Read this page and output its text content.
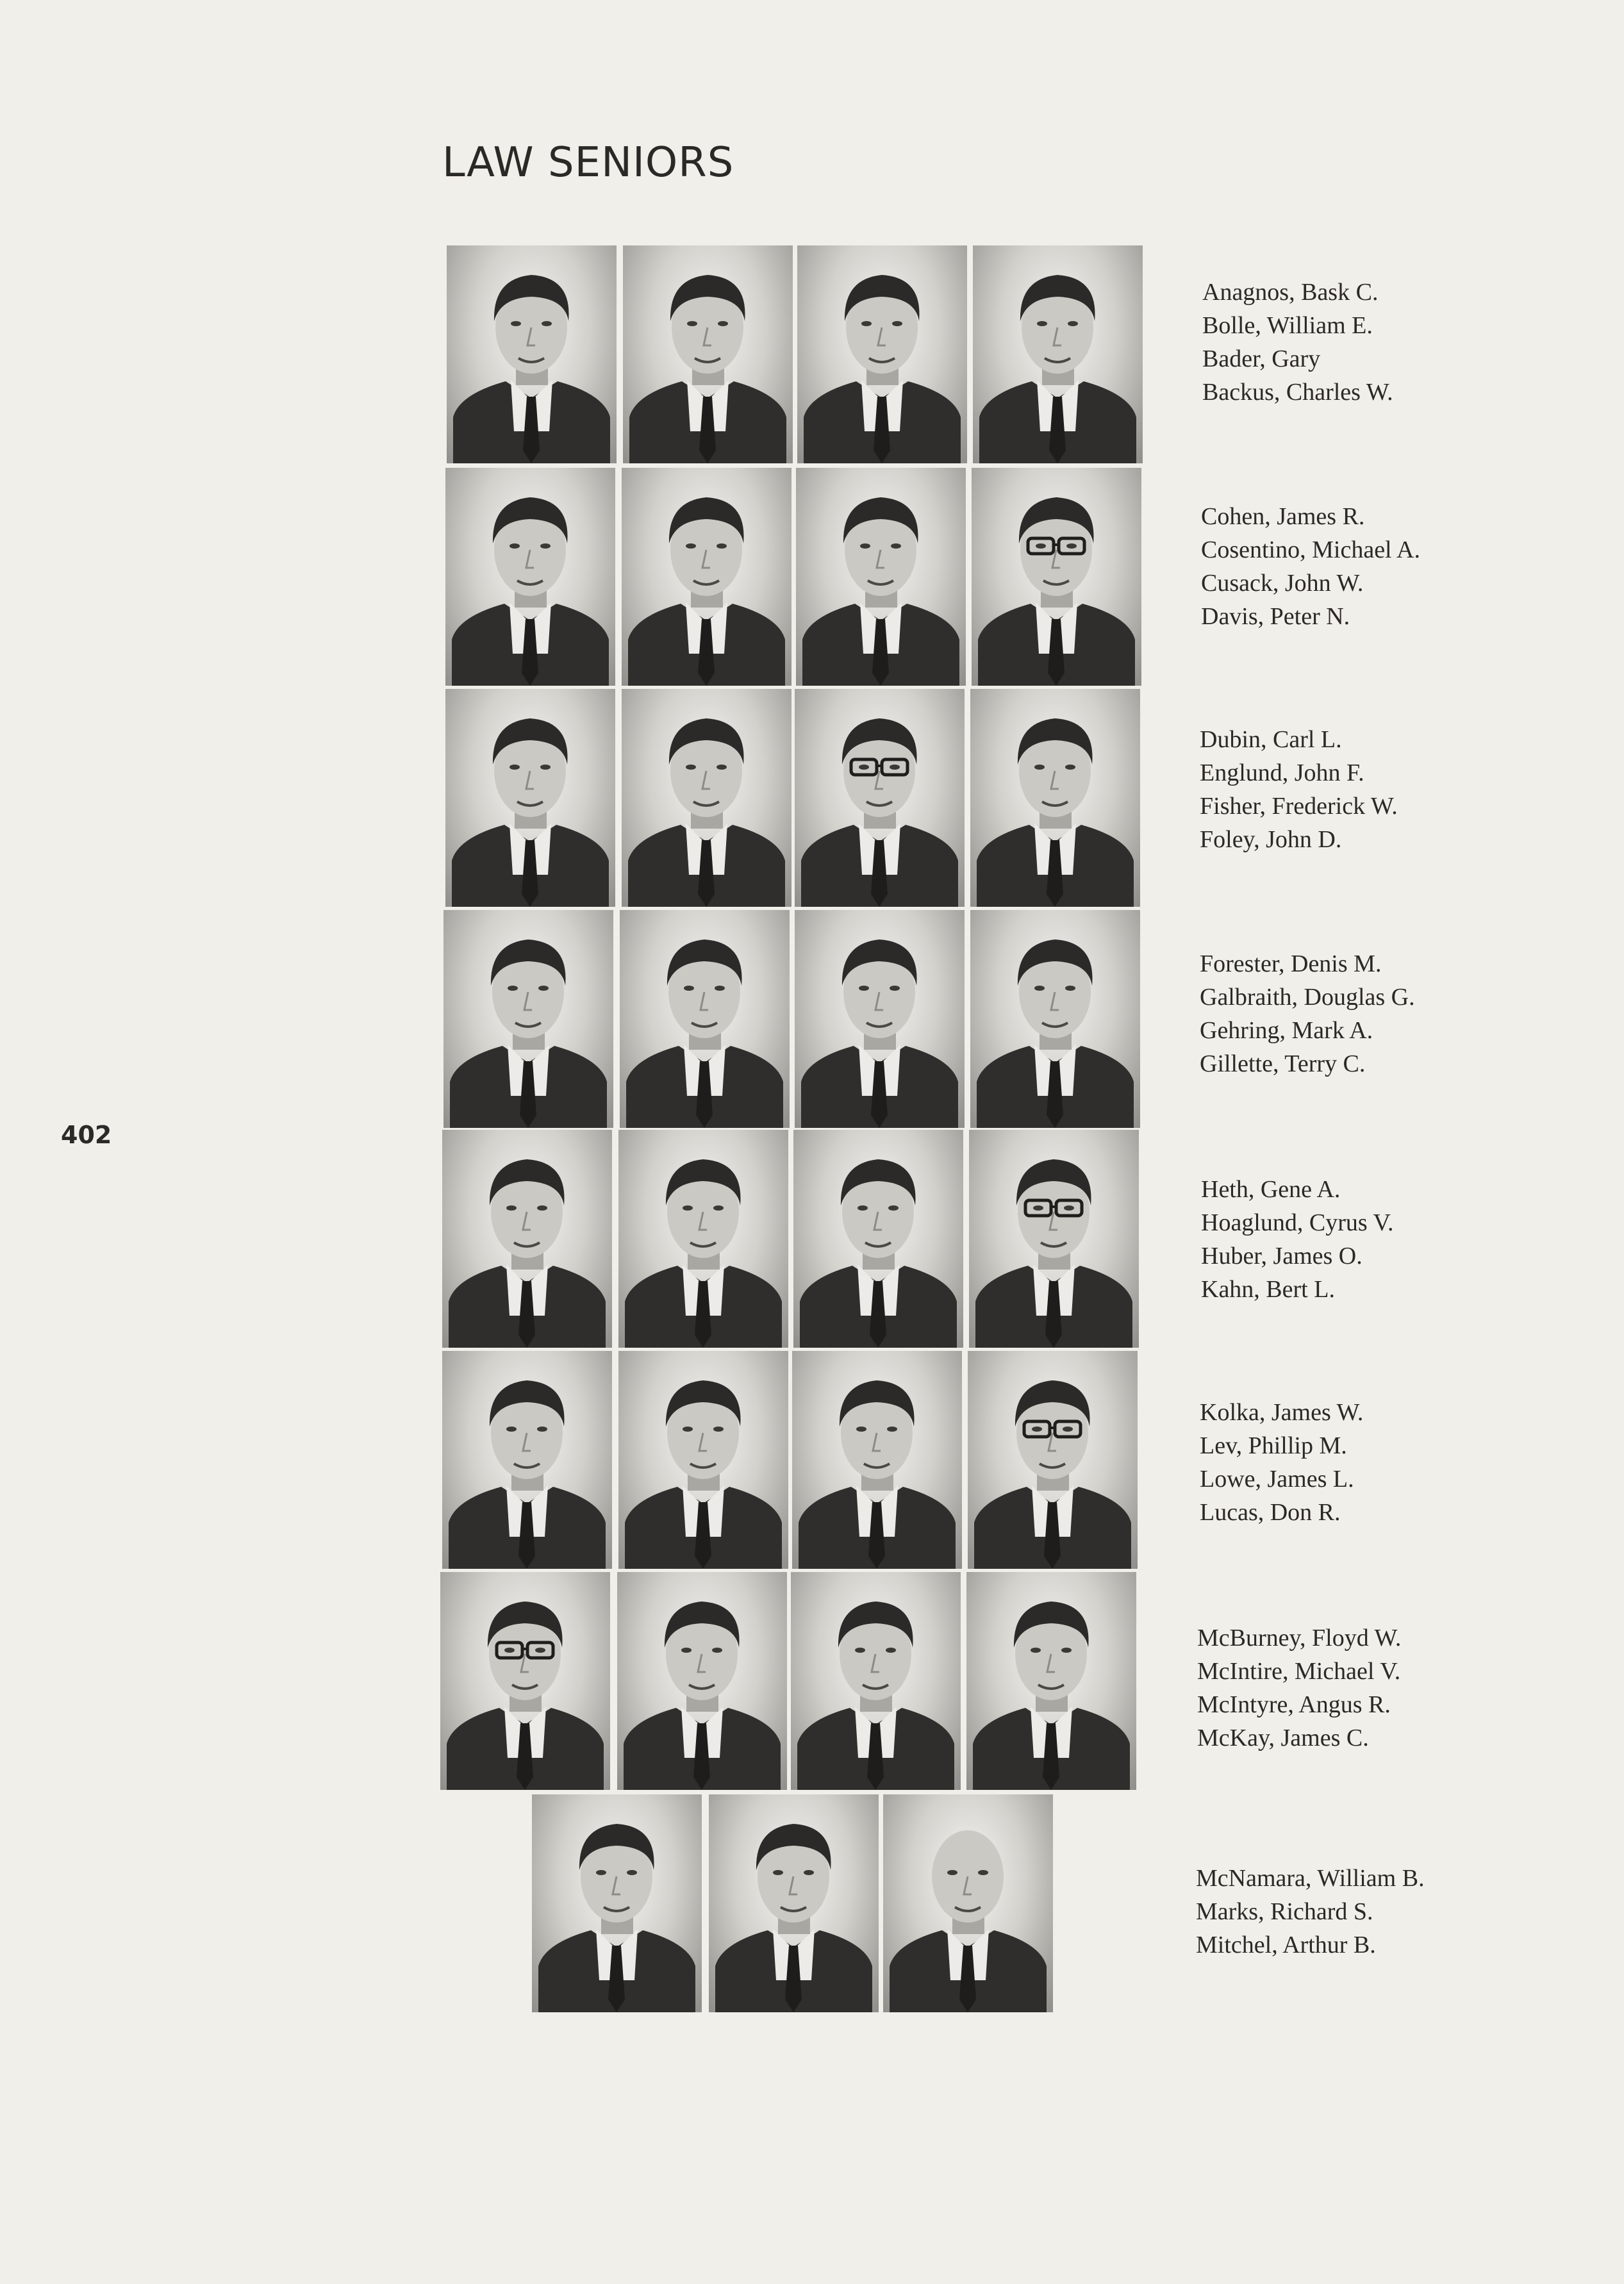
LAW SENIORS
402
Anagnos, Bask C.
Bolle, William E.
Bader, Gary
Backus, Charles W.
Cohen, James R.
Cosentino, Michael A.
Cusack, John W.
Davis, Peter N.
Dubin, Carl L.
Englund, John F.
Fisher, Frederick W.
Foley, John D.
Forester, Denis M.
Galbraith, Douglas G.
Gehring, Mark A.
Gillette, Terry C.
Heth, Gene A.
Hoaglund, Cyrus V.
Huber, James O.
Kahn, Bert L.
Kolka, James W.
Lev, Phillip M.
Lowe, James L.
Lucas, Don R.
McBurney, Floyd W.
McIntire, Michael V.
McIntyre, Angus R.
McKay, James C.
McNamara, William B.
Marks, Richard S.
Mitchel, Arthur B.
